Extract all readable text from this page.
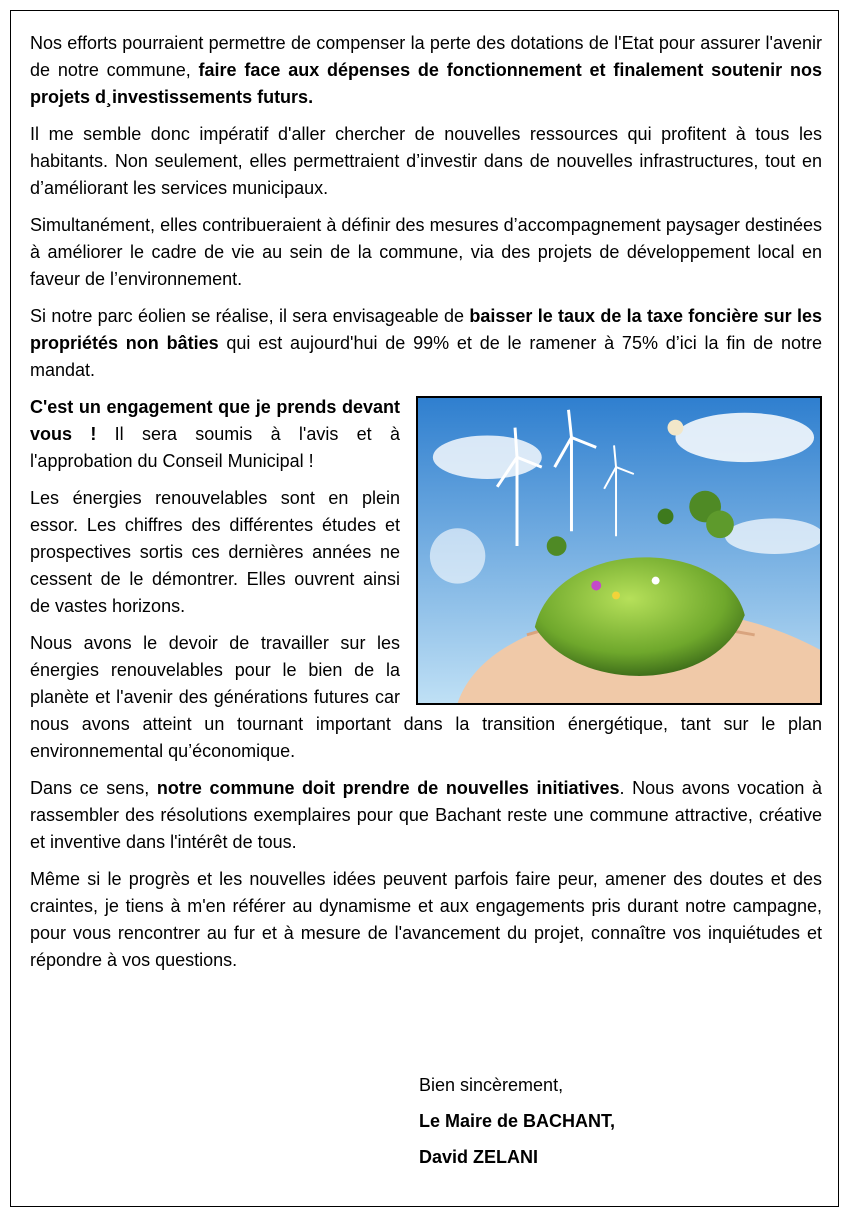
Nos efforts pourraient permettre de compenser la perte des dotations de l'Etat pour assurer l'avenir de notre commune, faire face aux dépenses de fonctionnement et finalement soutenir nos projets d¸investissements futurs.

Il me semble donc impératif d'aller chercher de nouvelles ressources qui profitent à tous les habitants. Non seulement, elles permettraient d’investir dans de nouvelles infrastructures, tout en d’améliorant les services municipaux.

Simultanément, elles contribueraient à définir des mesures d’accompagnement paysager destinées à améliorer le cadre de vie au sein de la commune, via des projets de développement local en faveur de l’environnement.

Si notre parc éolien se réalise, il sera envisageable de baisser le taux de la taxe foncière sur les propriétés non bâties qui est aujourd'hui de 99% et de le ramener à 75% d’ici la fin de notre mandat.

C'est un engagement que je prends devant vous ! Il sera soumis à l'avis et à l'approbation du Conseil Municipal !

Les énergies renouvelables sont en plein essor. Les chiffres des différentes études et prospectives sortis ces dernières années ne cessent de le démontrer. Elles ouvrent ainsi de vastes horizons.

Nous avons le devoir de travailler sur les énergies renouvelables pour le bien de la planète et l'avenir des générations futures car nous avons atteint un tournant important dans la transition énergétique, tant sur le plan environnemental qu’économique.

Dans ce sens, notre commune doit prendre de nouvelles initiatives. Nous avons vocation à rassembler des résolutions exemplaires pour que Bachant reste une commune attractive, créative et inventive dans l'intérêt de tous.

Même si le progrès et les nouvelles idées peuvent parfois faire peur, amener des doutes et des craintes, je tiens à m'en référer au dynamisme et aux engagements pris durant notre campagne, pour vous rencontrer au fur et à mesure de l'avancement du projet, connaître vos inquiétudes et répondre à vos questions.

Bien sincèrement,
Le Maire de BACHANT,
David ZELANI
